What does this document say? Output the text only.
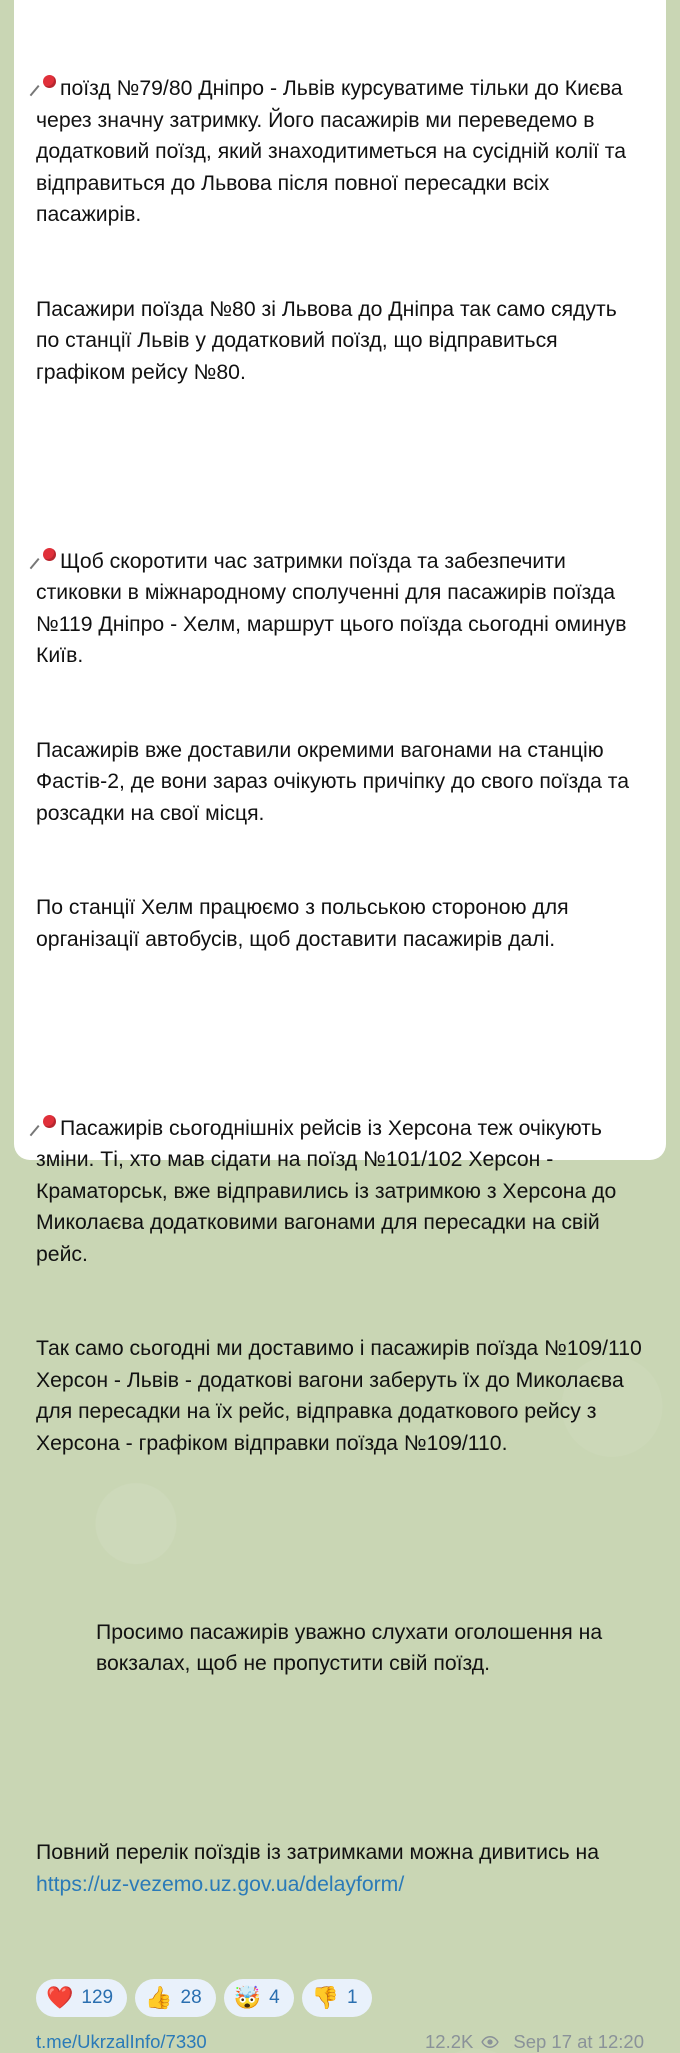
поїзд №79/80 Дніпро - Львів курсуватиме тільки до Києва через значну затримку. Його пасажирів ми переведемо в додатковий поїзд, який знаходитиметься на сусідній колії та відправиться до Львова після повної пересадки всіх пасажирів.

Пасажири поїзда №80 зі Львова до Дніпра так само сядуть по станції Львів у додатковий поїзд, що відправиться графіком рейсу №80.

Щоб скоротити час затримки поїзда та забезпечити стиковки в міжнародному сполученні для пасажирів поїзда №119 Дніпро - Хелм, маршрут цього поїзда сьогодні оминув Київ.

Пасажирів вже доставили окремими вагонами на станцію Фастів-2, де вони зараз очікують причіпку до свого поїзда та розсадки на свої місця.

По станції Хелм працюємо з польською стороною для організації автобусів, щоб доставити пасажирів далі.

Пасажирів сьогоднішніх рейсів із Херсона теж очікують зміни. Ті, хто мав сідати на поїзд №101/102 Херсон - Краматорськ, вже відправились із затримкою з Херсона до Миколаєва додатковими вагонами для пересадки на свій рейс.

Так само сьогодні ми доставимо і пасажирів поїзда №109/110 Херсон - Львів - додаткові вагони заберуть їх до Миколаєва для пересадки на їх рейс, відправка додаткового рейсу з Херсона - графіком відправки поїзда №109/110.

Просимо пасажирів уважно слухати оголошення на вокзалах, щоб не пропустити свій поїзд.

Повний перелік поїздів із затримками можна дивитись на https://uz-vezemo.uz.gov.ua/delayform/

❤️ 129 👍 28 🤯 4 👎 1
t.me/UkrzalInfo/7330	12.2K Sep 17 at 12:20
